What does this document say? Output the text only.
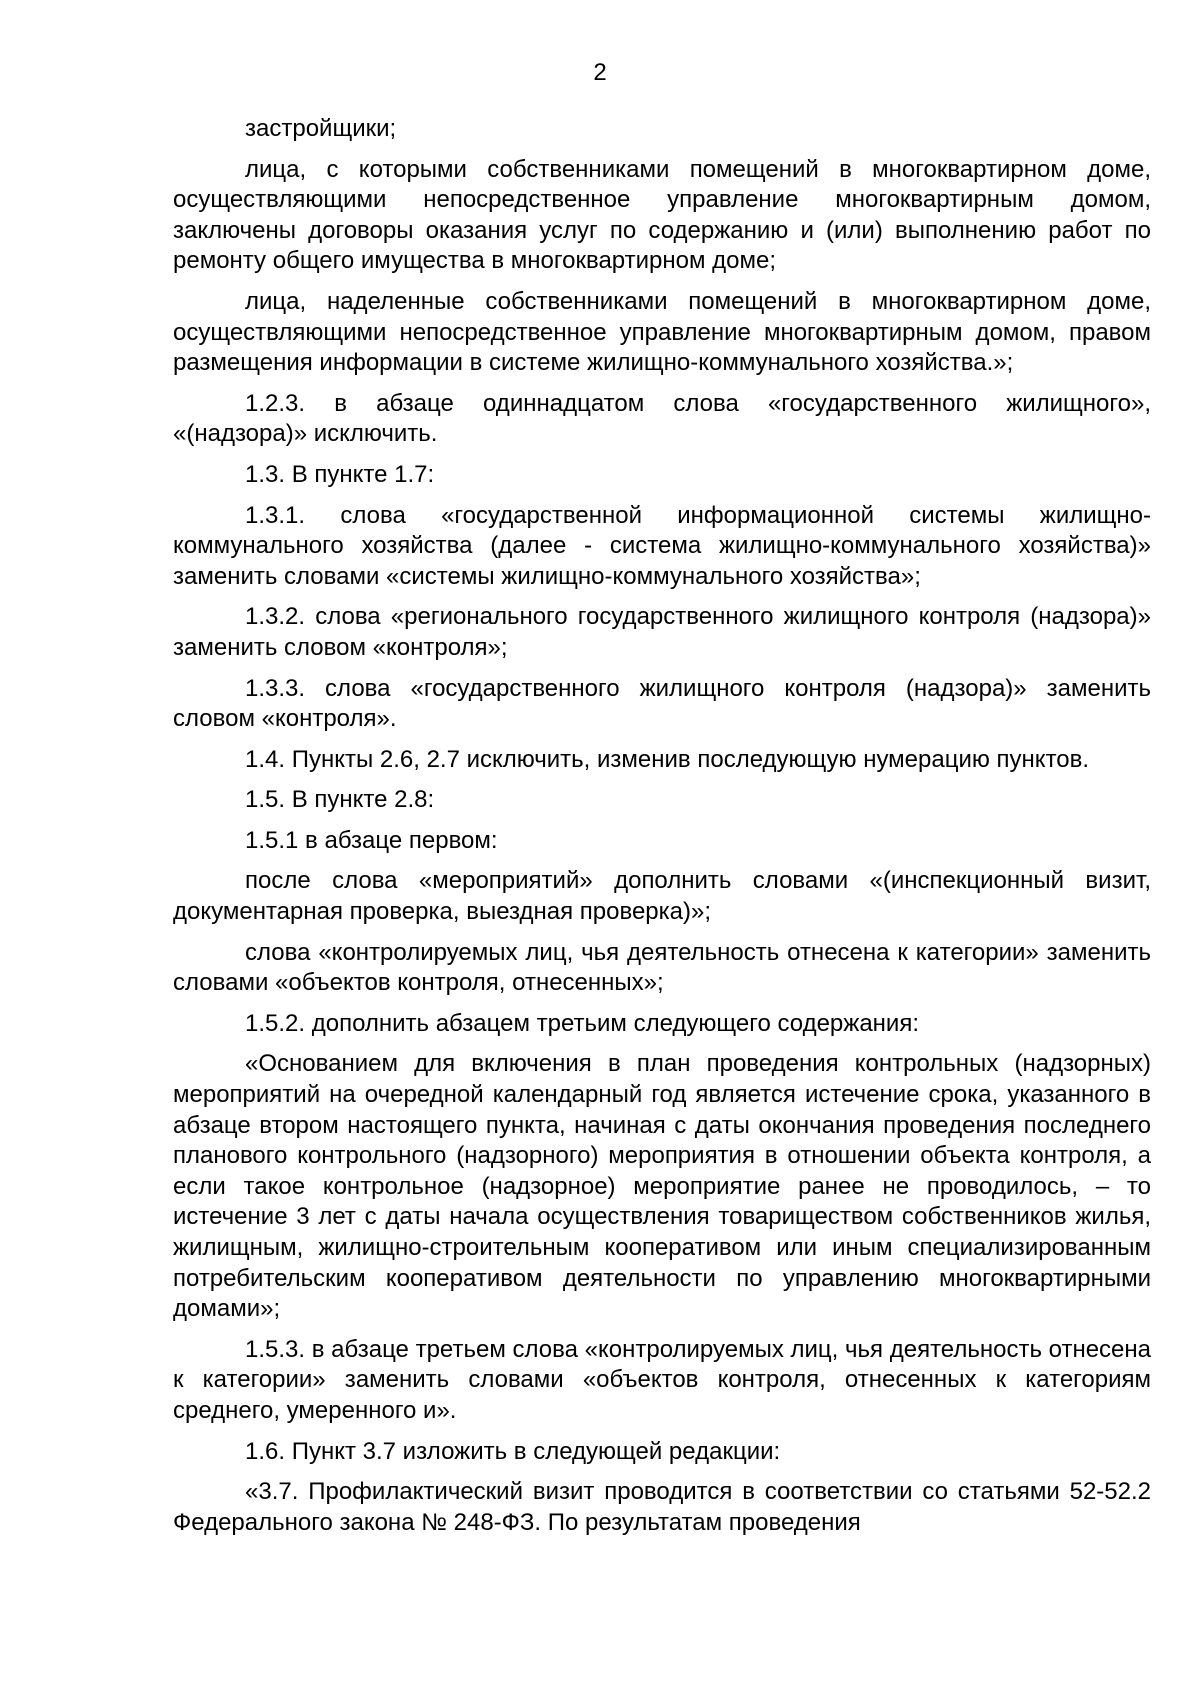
2

застройщики;

лица, с которыми собственниками помещений в многоквартирном доме, осуществляющими непосредственное управление многоквартирным домом, заключены договоры оказания услуг по содержанию и (или) выполнению работ по ремонту общего имущества в многоквартирном доме;

лица, наделенные собственниками помещений в многоквартирном доме, осуществляющими непосредственное управление многоквартирным домом, правом размещения информации в системе жилищно-коммунального хозяйства.»;

1.2.3. в абзаце одиннадцатом слова «государственного жилищного», «(надзора)» исключить.

1.3. В пункте 1.7:

1.3.1. слова «государственной информационной системы жилищно-коммунального хозяйства (далее - система жилищно-коммунального хозяйства)» заменить словами «системы жилищно-коммунального хозяйства»;

1.3.2. слова «регионального государственного жилищного контроля (надзора)» заменить словом «контроля»;

1.3.3. слова «государственного жилищного контроля (надзора)» заменить словом «контроля».

1.4. Пункты 2.6, 2.7 исключить, изменив последующую нумерацию пунктов.

1.5. В пункте 2.8:

1.5.1 в абзаце первом:

после слова «мероприятий» дополнить словами «(инспекционный визит, документарная проверка, выездная проверка)»;

слова «контролируемых лиц, чья деятельность отнесена к категории» заменить словами «объектов контроля, отнесенных»;

1.5.2. дополнить абзацем третьим следующего содержания:

«Основанием для включения в план проведения контрольных (надзорных) мероприятий на очередной календарный год является истечение срока, указанного в абзаце втором настоящего пункта, начиная с даты окончания проведения последнего планового контрольного (надзорного) мероприятия в отношении объекта контроля, а если такое контрольное (надзорное) мероприятие ранее не проводилось, – то истечение 3 лет с даты начала осуществления товариществом собственников жилья, жилищным, жилищно-строительным кооперативом или иным специализированным потребительским кооперативом деятельности по управлению многоквартирными домами»;

1.5.3. в абзаце третьем слова «контролируемых лиц, чья деятельность отнесена к категории» заменить словами «объектов контроля, отнесенных к категориям среднего, умеренного и».

1.6. Пункт 3.7 изложить в следующей редакции:

«3.7. Профилактический визит проводится в соответствии со статьями 52-52.2 Федерального закона № 248-ФЗ. По результатам проведения
